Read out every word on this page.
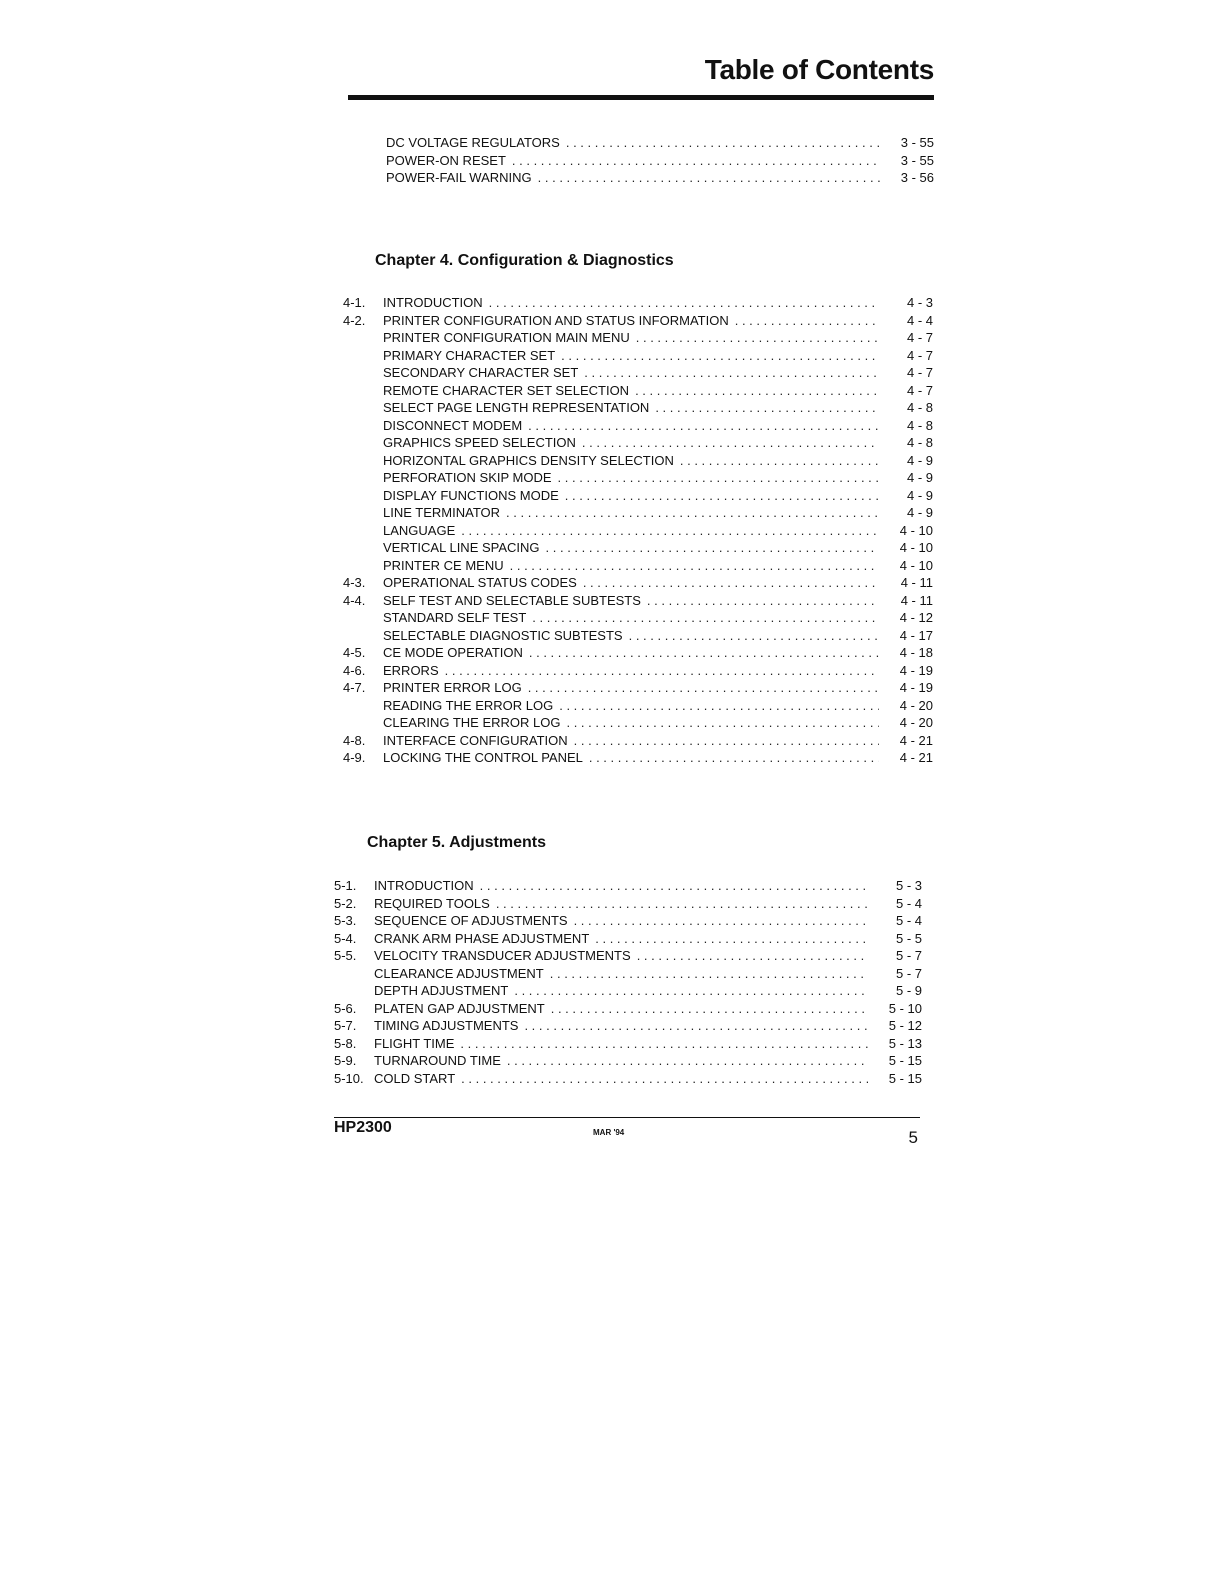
Table of Contents
DC VOLTAGE REGULATORS . . .	3 - 55
POWER-ON RESET . . .	3 - 55
POWER-FAIL WARNING . . .	3 - 56
Chapter 4. Configuration & Diagnostics
4-1. INTRODUCTION . . .	4 - 3
4-2. PRINTER CONFIGURATION AND STATUS INFORMATION . . .	4 - 4
PRINTER CONFIGURATION MAIN MENU . . .	4 - 7
PRIMARY CHARACTER SET . . .	4 - 7
SECONDARY CHARACTER SET . . .	4 - 7
REMOTE CHARACTER SET SELECTION . . .	4 - 7
SELECT PAGE LENGTH REPRESENTATION . . .	4 - 8
DISCONNECT MODEM . . .	4 - 8
GRAPHICS SPEED SELECTION . . .	4 - 8
HORIZONTAL GRAPHICS DENSITY SELECTION . . .	4 - 9
PERFORATION SKIP MODE . . .	4 - 9
DISPLAY FUNCTIONS MODE . . .	4 - 9
LINE TERMINATOR . . .	4 - 9
LANGUAGE . . .	4 - 10
VERTICAL LINE SPACING . . .	4 - 10
PRINTER CE MENU . . .	4 - 10
4-3. OPERATIONAL STATUS CODES . . .	4 - 11
4-4. SELF TEST AND SELECTABLE SUBTESTS . . .	4 - 11
STANDARD SELF TEST . . .	4 - 12
SELECTABLE DIAGNOSTIC SUBTESTS . . .	4 - 17
4-5. CE MODE OPERATION . . .	4 - 18
4-6. ERRORS . . .	4 - 19
4-7. PRINTER ERROR LOG . . .	4 - 19
READING THE ERROR LOG . . .	4 - 20
CLEARING THE ERROR LOG . . .	4 - 20
4-8. INTERFACE CONFIGURATION . . .	4 - 21
4-9. LOCKING THE CONTROL PANEL . . .	4 - 21
Chapter 5. Adjustments
5-1. INTRODUCTION . . .	5 - 3
5-2. REQUIRED TOOLS . . .	5 - 4
5-3. SEQUENCE OF ADJUSTMENTS . . .	5 - 4
5-4. CRANK ARM PHASE ADJUSTMENT . . .	5 - 5
5-5. VELOCITY TRANSDUCER ADJUSTMENTS . . .	5 - 7
CLEARANCE ADJUSTMENT . . .	5 - 7
DEPTH ADJUSTMENT . . .	5 - 9
5-6. PLATEN GAP ADJUSTMENT . . .	5 - 10
5-7. TIMING ADJUSTMENTS . . .	5 - 12
5-8. FLIGHT TIME . . .	5 - 13
5-9. TURNAROUND TIME . . .	5 - 15
5-10. COLD START . . .	5 - 15
HP2300	MAR '94	5
